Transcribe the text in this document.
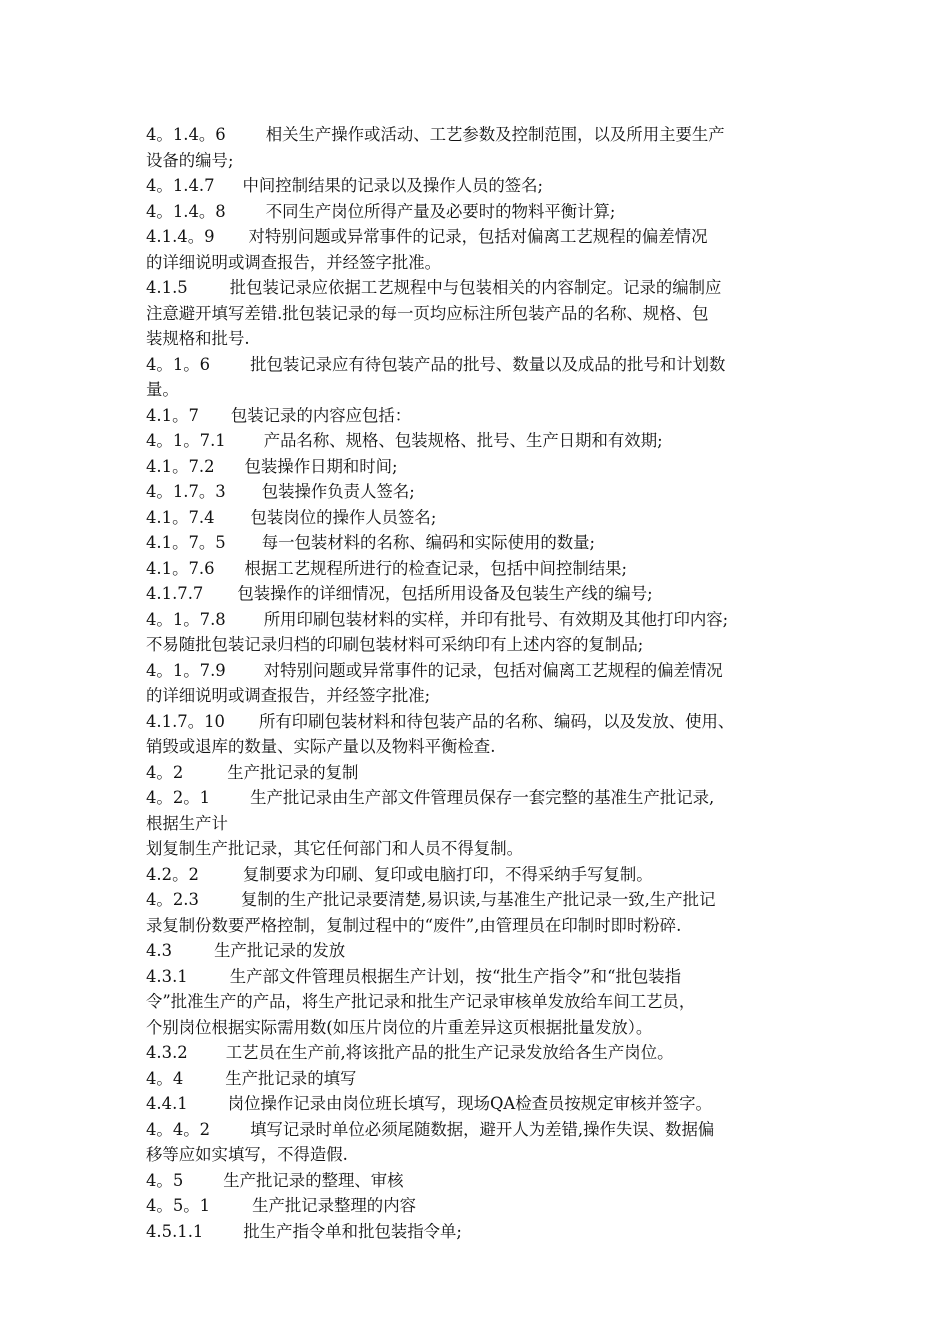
4。1.4。6 相关生产操作或活动、工艺参数及控制范围，以及所用主要生产
设备的编号;
4。1.4.7 中间控制结果的记录以及操作人员的签名;
4。1.4。8 不同生产岗位所得产量及必要时的物料平衡计算;
4.1.4。9 对特别问题或异常事件的记录，包括对偏离工艺规程的偏差情况
的详细说明或调查报告，并经签字批准。
4.1.5	批包装记录应依据工艺规程中与包装相关的内容制定。记录的编制应
注意避开填写差错.批包装记录的每一页均应标注所包装产品的名称、规格、包
装规格和批号.
4。1。6 批包装记录应有待包装产品的批号、数量以及成品的批号和计划数
量。
4.1。7 包装记录的内容应包括：
4。1。7.1 产品名称、规格、包装规格、批号、生产日期和有效期;
4.1。7.2 包装操作日期和时间;
4。1.7。3 包装操作负责人签名;
4.1。7.4 包装岗位的操作人员签名;
4.1。7。5 每一包装材料的名称、编码和实际使用的数量;
4.1。7.6 根据工艺规程所进行的检查记录，包括中间控制结果;
4.1.7.7 包装操作的详细情况，包括所用设备及包装生产线的编号;
4。1。7.8 所用印刷包装材料的实样，并印有批号、有效期及其他打印内容;
不易随批包装记录归档的印刷包装材料可采纳印有上述内容的复制品;
4。1。7.9 对特别问题或异常事件的记录，包括对偏离工艺规程的偏差情况
的详细说明或调查报告，并经签字批准;
4.1.7。10 所有印刷包装材料和待包装产品的名称、编码，以及发放、使用、
销毁或退库的数量、实际产量以及物料平衡检查.
4。2	生产批记录的复制
4。2。1 生产批记录由生产部文件管理员保存一套完整的基准生产批记录,
根据生产计
划复制生产批记录，其它任何部门和人员不得复制。
4.2。2	复制要求为印刷、复印或电脑打印，不得采纳手写复制。
4。2.3	复制的生产批记录要清楚,易识读,与基准生产批记录一致,生产批记
录复制份数要严格控制，复制过程中的“废件”,由管理员在印制时即时粉碎.
4.3	生产批记录的发放
4.3.1	生产部文件管理员根据生产计划，按“批生产指令”和“批包装指
令”批准生产的产品，将生产批记录和批生产记录审核单发放给车间工艺员，
个别岗位根据实际需用数(如压片岗位的片重差异这页根据批量发放）。
4.3.2 工艺员在生产前,将该批产品的批生产记录发放给各生产岗位。
4。4	生产批记录的填写
4.4.1 岗位操作记录由岗位班长填写，现场QA检查员按规定审核并签字。
4。4。2 填写记录时单位必须尾随数据，避开人为差错,操作失误、数据偏
移等应如实填写，不得造假.
4。5 生产批记录的整理、审核
4。5。1	生产批记录整理的内容
4.5.1.1 批生产指令单和批包装指令单;
